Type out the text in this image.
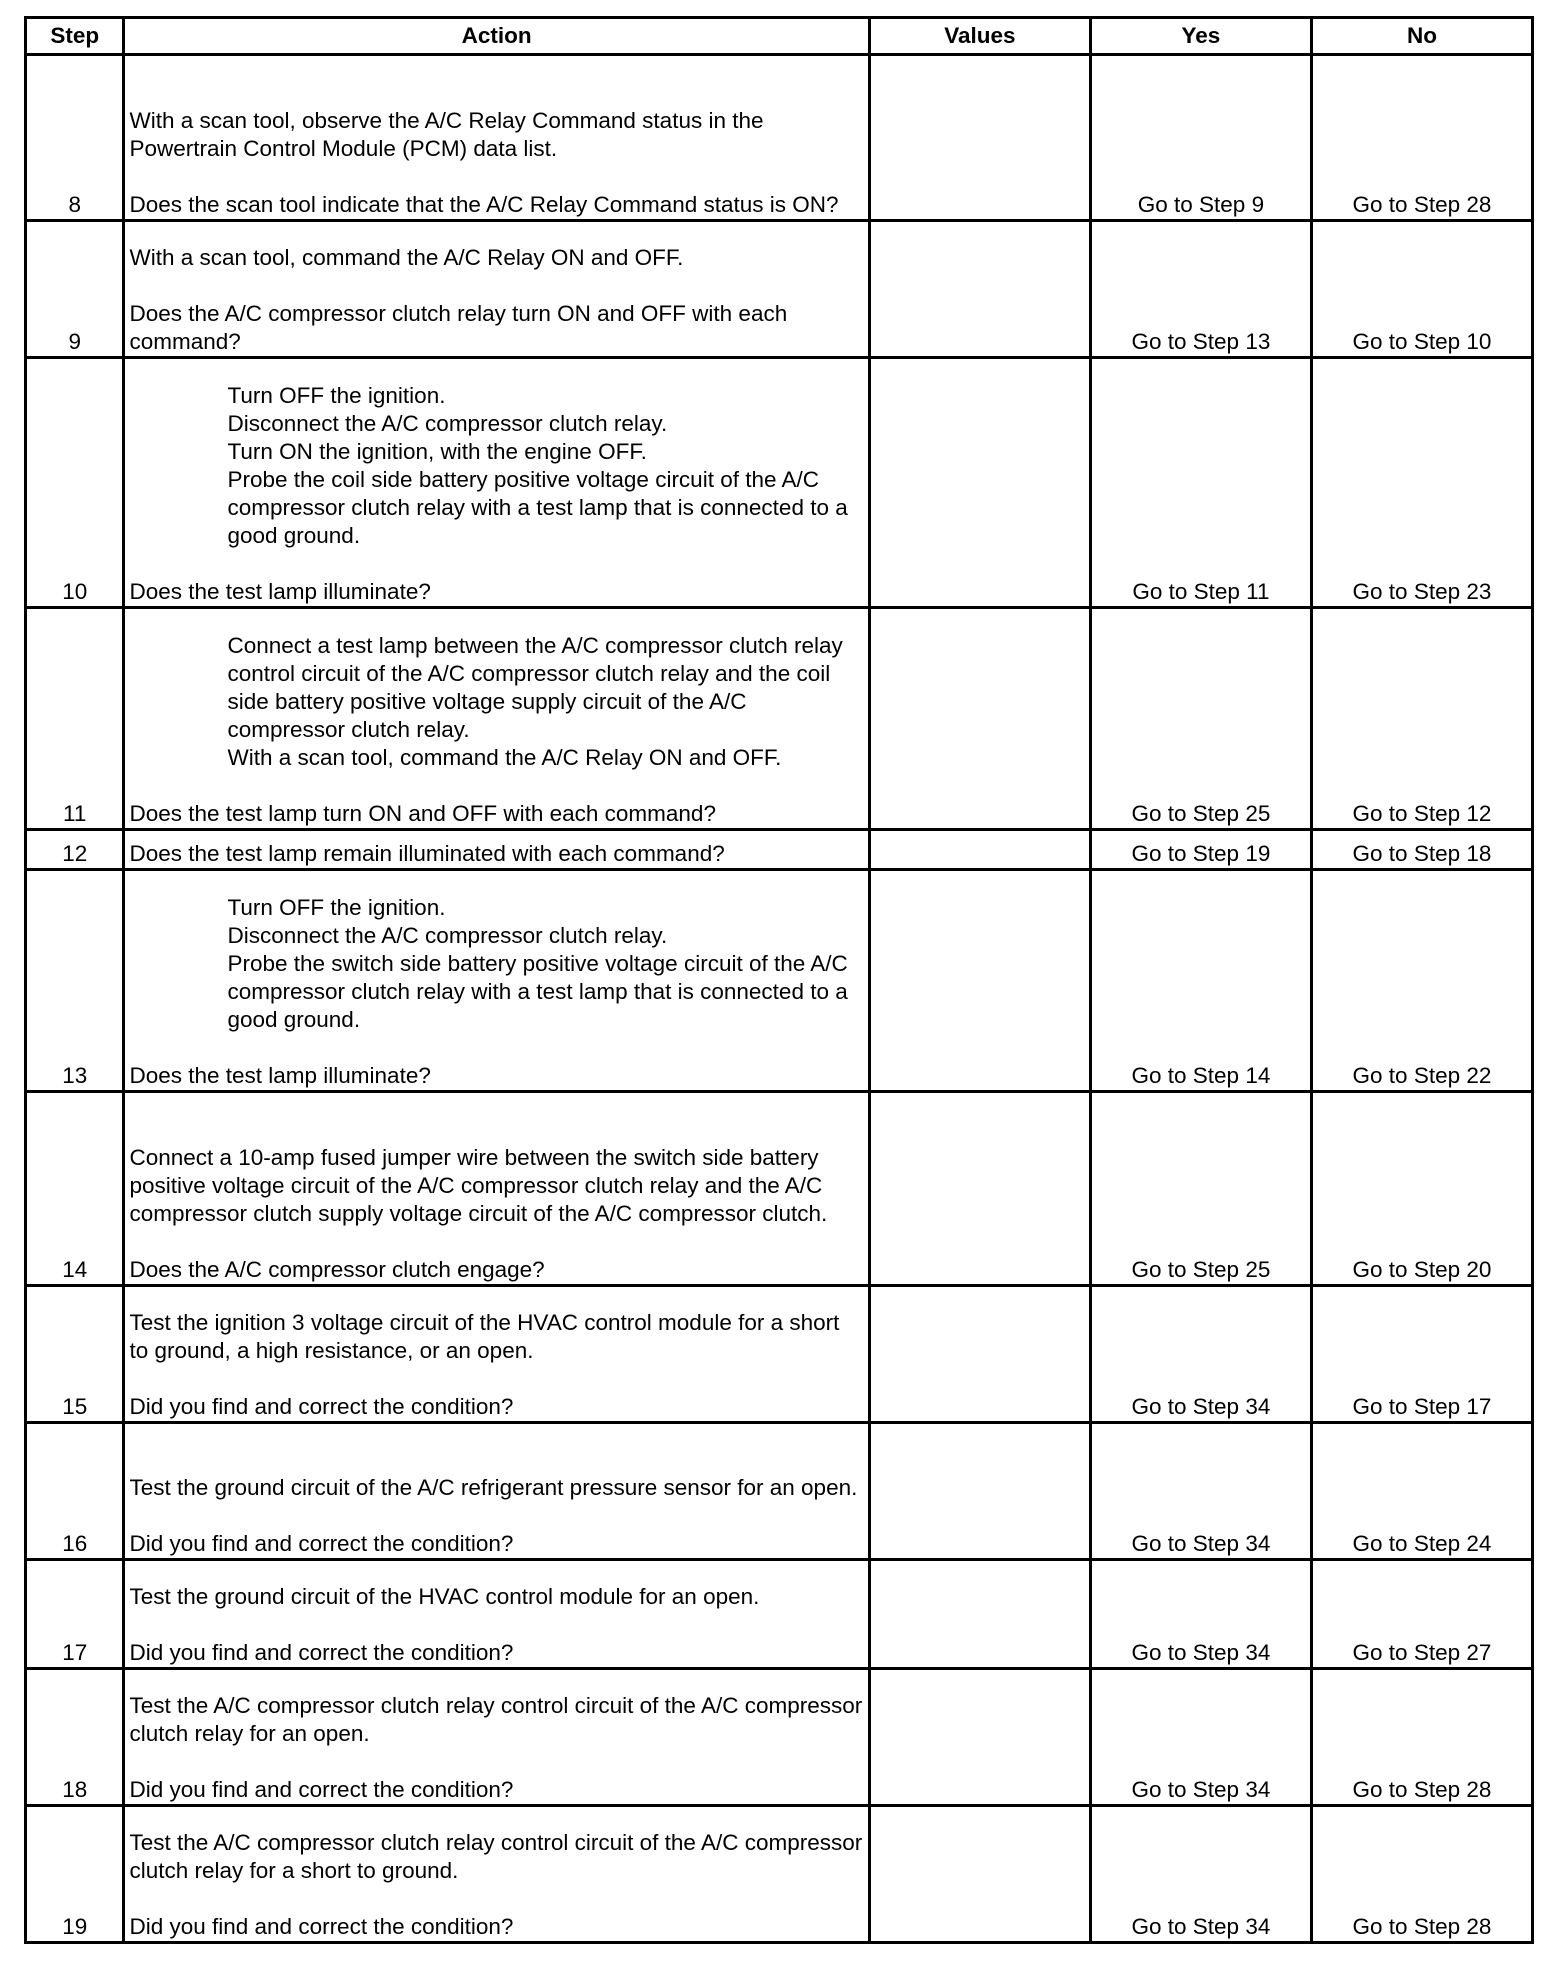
Step	Action	Values	Yes	No
8	With a scan tool, observe the A/C Relay Command status in the Powertrain Control Module (PCM) data list.
Does the scan tool indicate that the A/C Relay Command status is ON?		Go to Step 9	Go to Step 28
9	With a scan tool, command the A/C Relay ON and OFF.
Does the A/C compressor clutch relay turn ON and OFF with each command?		Go to Step 13	Go to Step 10
10	Turn OFF the ignition.
Disconnect the A/C compressor clutch relay.
Turn ON the ignition, with the engine OFF.
Probe the coil side battery positive voltage circuit of the A/C compressor clutch relay with a test lamp that is connected to a good ground.
Does the test lamp illuminate?		Go to Step 11	Go to Step 23
11	Connect a test lamp between the A/C compressor clutch relay control circuit of the A/C compressor clutch relay and the coil side battery positive voltage supply circuit of the A/C compressor clutch relay.
With a scan tool, command the A/C Relay ON and OFF.
Does the test lamp turn ON and OFF with each command?		Go to Step 25	Go to Step 12
12	Does the test lamp remain illuminated with each command?		Go to Step 19	Go to Step 18
13	Turn OFF the ignition.
Disconnect the A/C compressor clutch relay.
Probe the switch side battery positive voltage circuit of the A/C compressor clutch relay with a test lamp that is connected to a good ground.
Does the test lamp illuminate?		Go to Step 14	Go to Step 22
14	Connect a 10-amp fused jumper wire between the switch side battery positive voltage circuit of the A/C compressor clutch relay and the A/C compressor clutch supply voltage circuit of the A/C compressor clutch.
Does the A/C compressor clutch engage?		Go to Step 25	Go to Step 20
15	Test the ignition 3 voltage circuit of the HVAC control module for a short to ground, a high resistance, or an open.
Did you find and correct the condition?		Go to Step 34	Go to Step 17
16	Test the ground circuit of the A/C refrigerant pressure sensor for an open.
Did you find and correct the condition?		Go to Step 34	Go to Step 24
17	Test the ground circuit of the HVAC control module for an open.
Did you find and correct the condition?		Go to Step 34	Go to Step 27
18	Test the A/C compressor clutch relay control circuit of the A/C compressor clutch relay for an open.
Did you find and correct the condition?		Go to Step 34	Go to Step 28
19	Test the A/C compressor clutch relay control circuit of the A/C compressor clutch relay for a short to ground.
Did you find and correct the condition?		Go to Step 34	Go to Step 28
